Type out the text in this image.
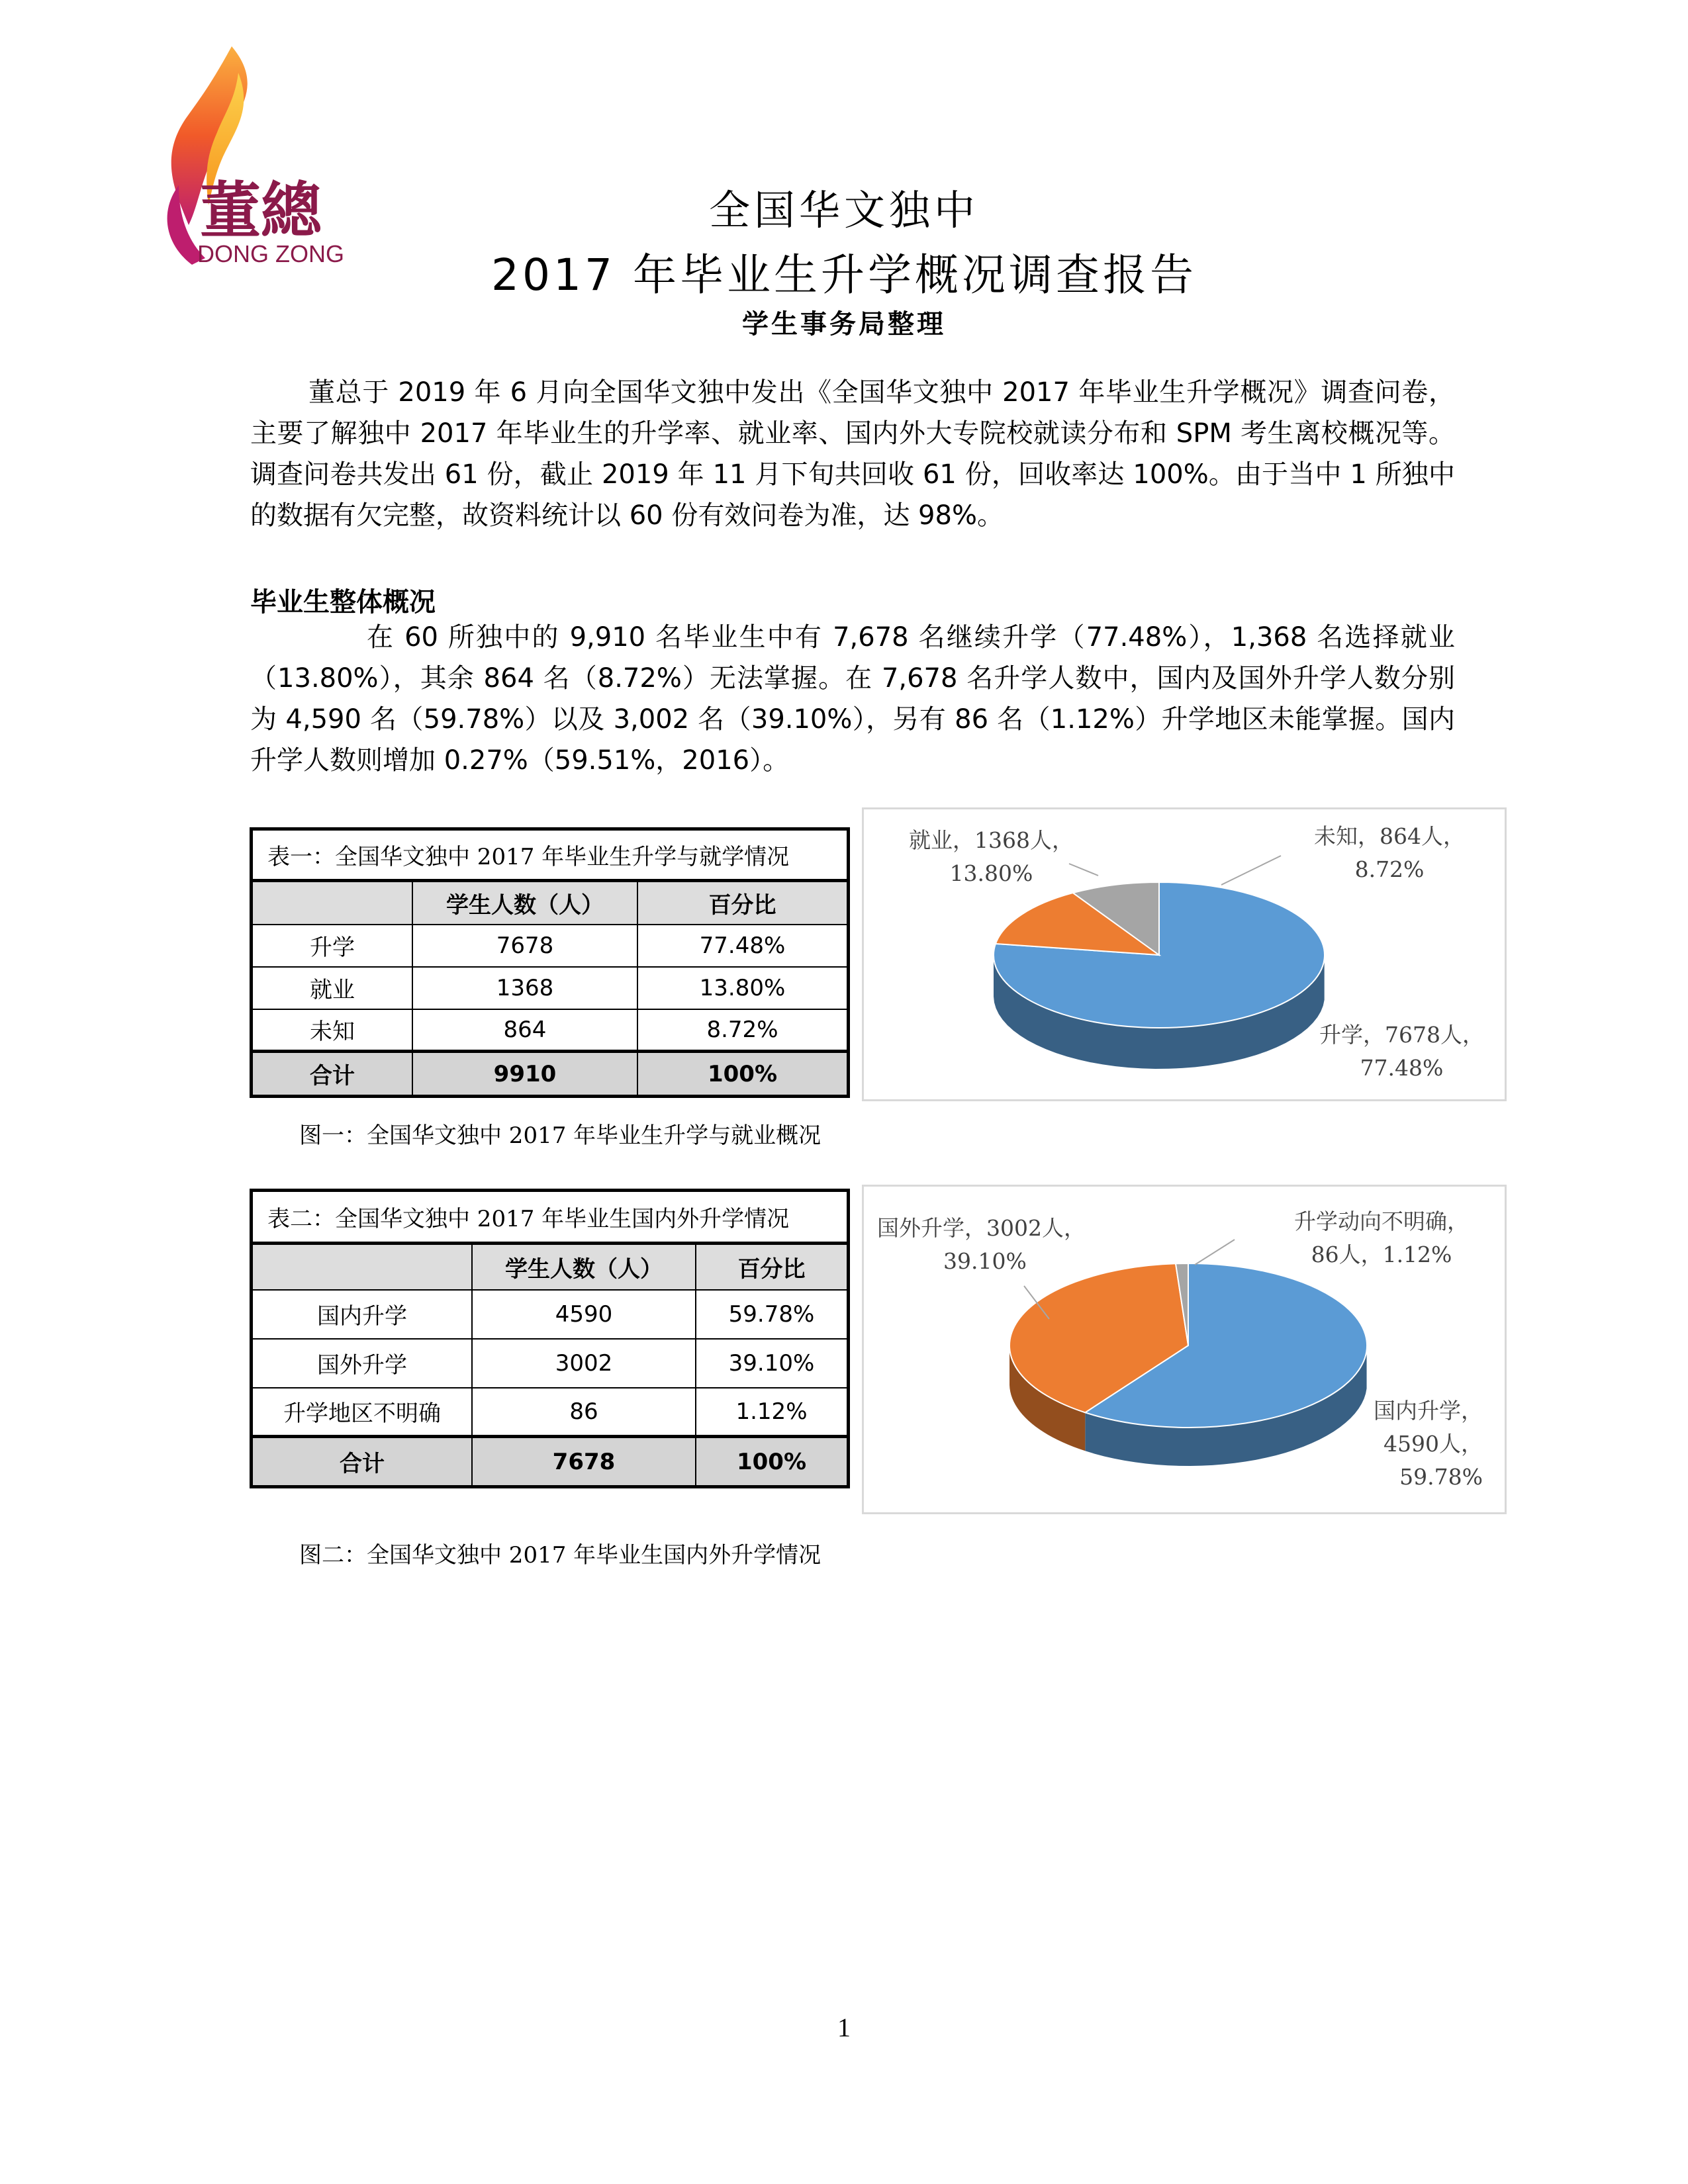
董總
DONG ZONG
全国华文独中
2017 年毕业生升学概况调查报告
学生事务局整理
董总于 2019 年 6 月向全国华文独中发出《全国华文独中 2017 年毕业生升学概况》调查问卷，主要了解独中 2017 年毕业生的升学率、就业率、国内外大专院校就读分布和 SPM 考生离校概况等。调查问卷共发出 61 份，截止 2019 年 11 月下旬共回收 61 份，回收率达 100%。由于当中 1 所独中的数据有欠完整，故资料统计以 60 份有效问卷为准，达 98%。
毕业生整体概况
在 60 所独中的 9,910 名毕业生中有 7,678 名继续升学（77.48%），1,368 名选择就业（13.80%），其余 864 名（8.72%）无法掌握。在 7,678 名升学人数中，国内及国外升学人数分别为 4,590 名（59.78%）以及 3,002 名（39.10%），另有 86 名（1.12%）升学地区未能掌握。国内升学人数则增加 0.27%（59.51%，2016）。
表一：全国华文独中 2017 年毕业生升学与就学情况		
	学生人数（人）	百分比
升学	7678	77.48%
就业	1368	13.80%
未知	864	8.72%
合计	9910	100%
就业，1368人，
13.80%
未知，864人，
8.72%
升学，7678人，
77.48%
图一：全国华文独中 2017 年毕业生升学与就业概况
表二：全国华文独中 2017 年毕业生国内外升学情况		
	学生人数（人）	百分比
国内升学	4590	59.78%
国外升学	3002	39.10%
升学地区不明确	86	1.12%
合计	7678	100%
国外升学，3002人，
39.10%
升学动向不明确，
86人，1.12%
国内升学，
4590人，
59.78%
图二：全国华文独中 2017 年毕业生国内外升学情况
1
